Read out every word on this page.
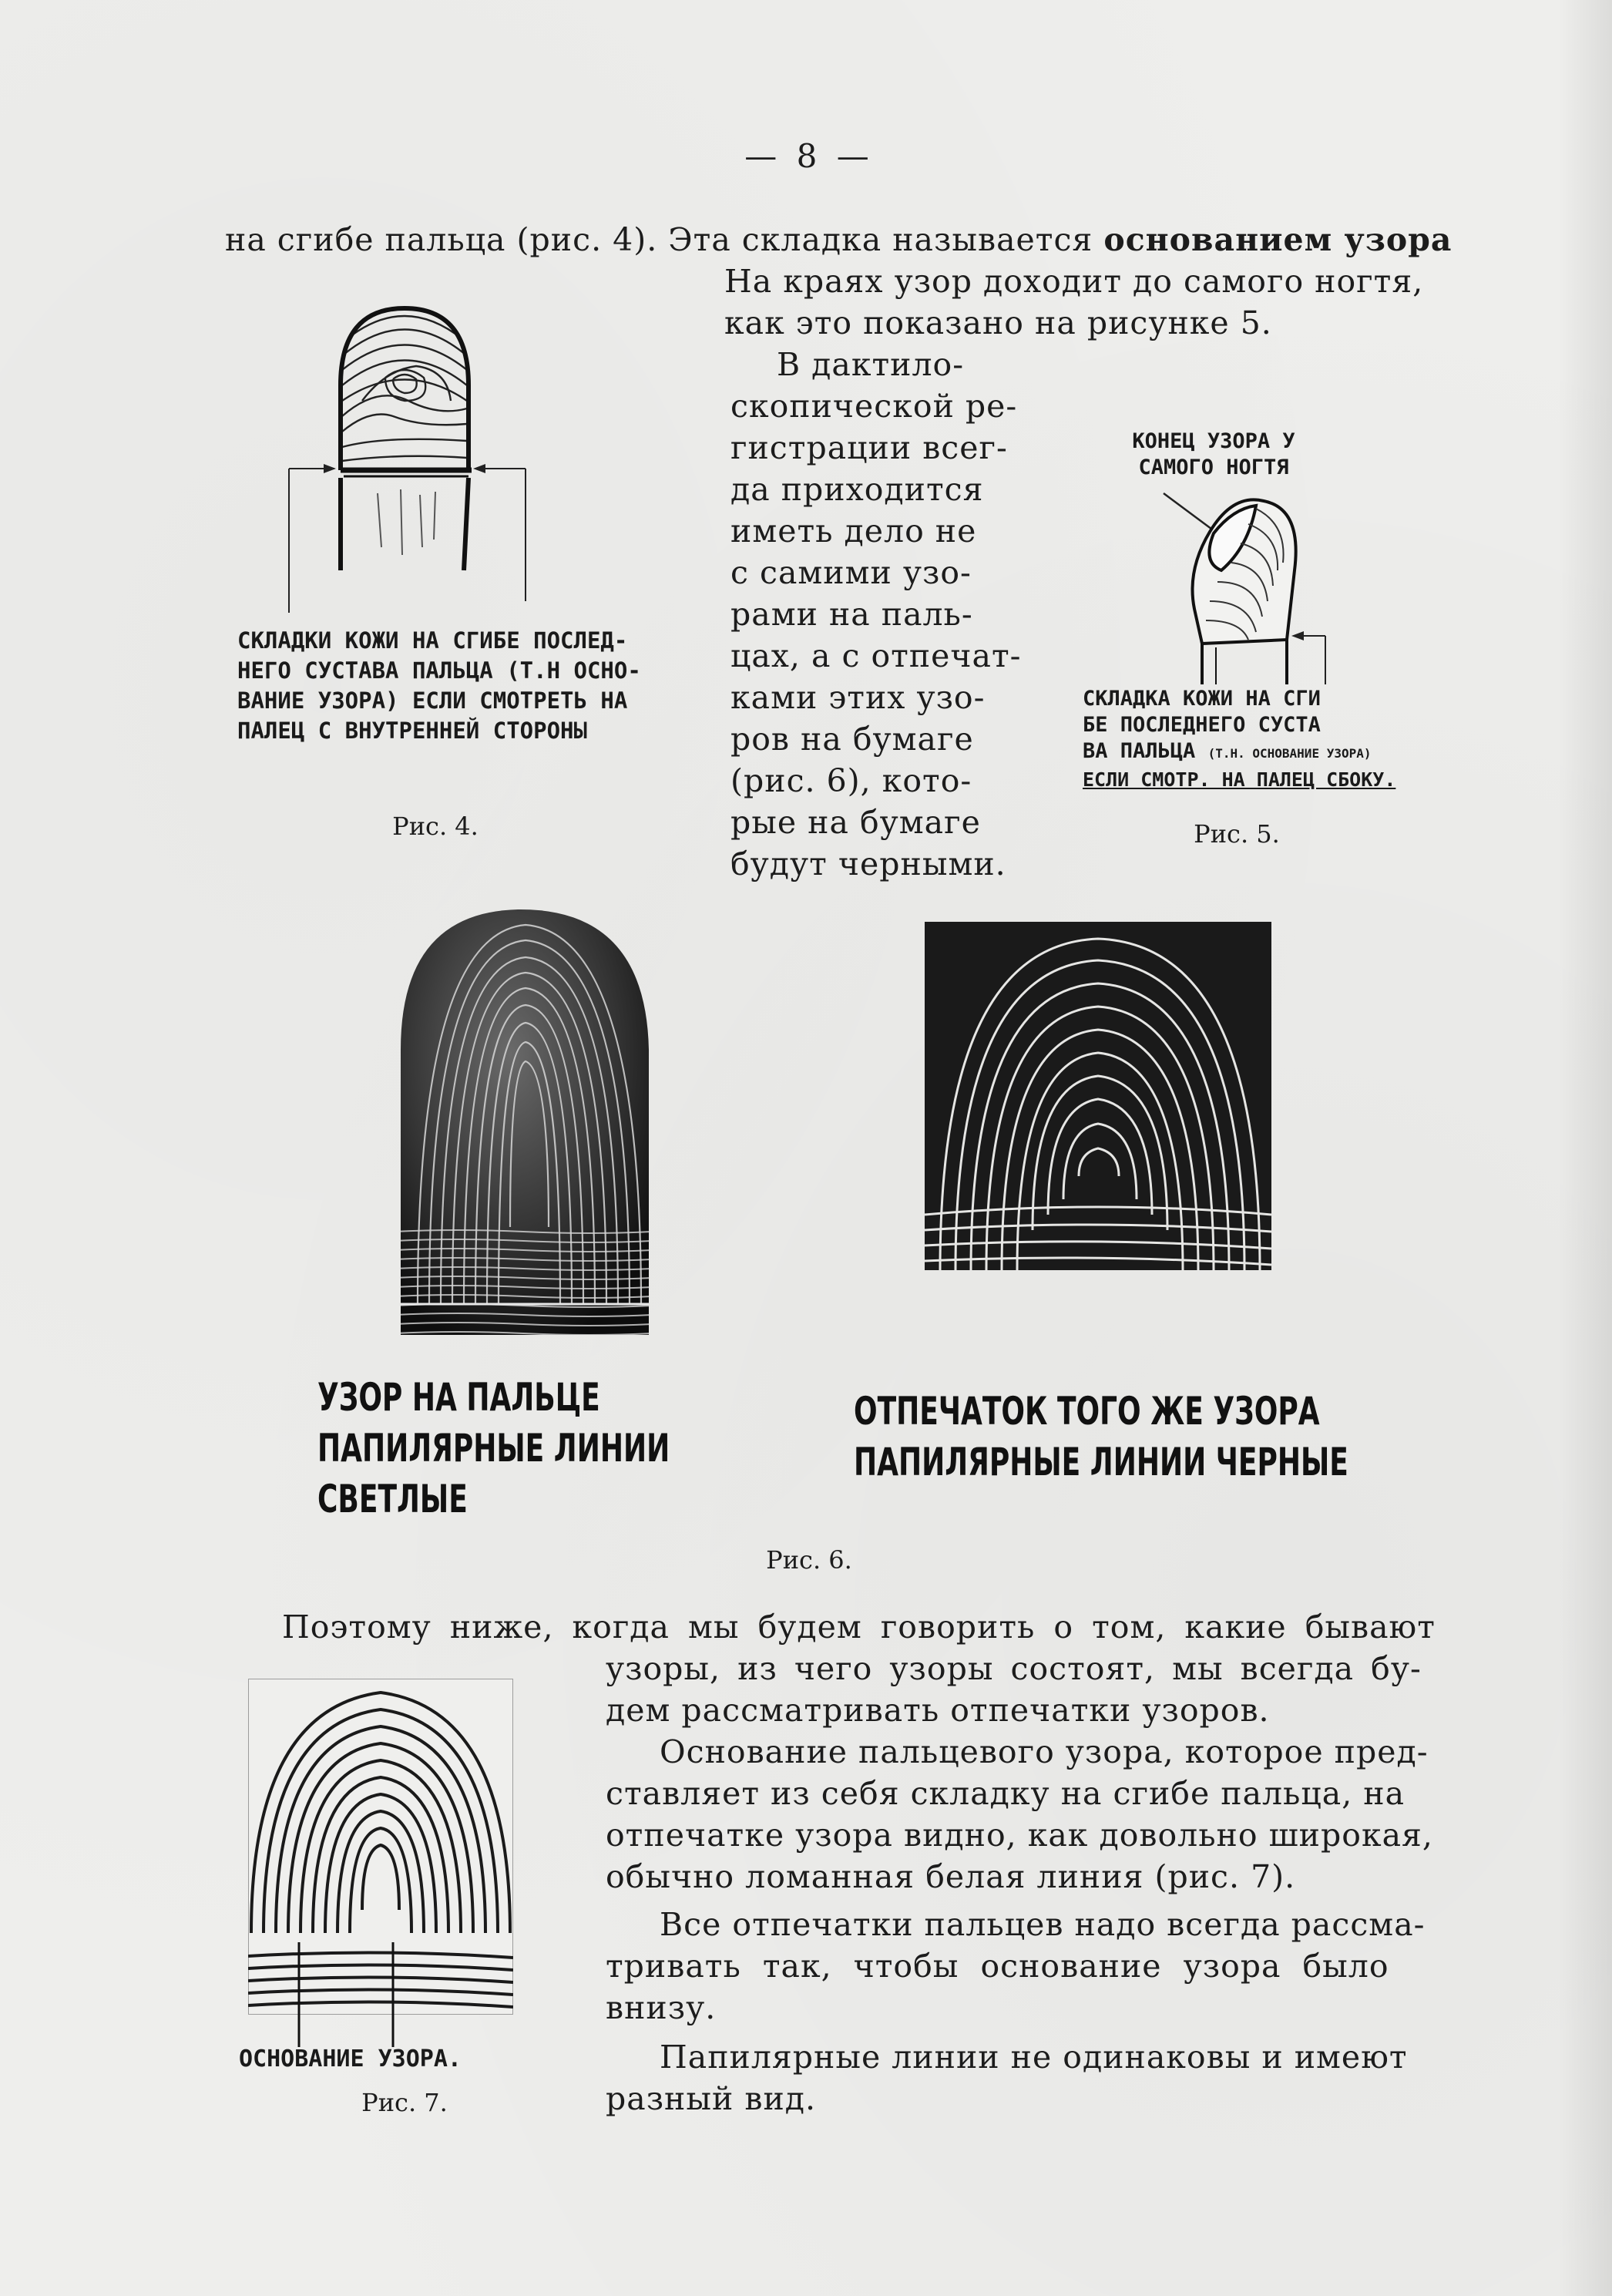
— 8 —
на сгибе пальца (рис. 4). Эта складка называется основанием узора
На краях узор доходит до самого ногтя,
как это показано на рисунке 5.
В дактило-
скопической ре-
гистрации всег-
да приходится
иметь дело не
с самими узо-
рами на паль-
цах, а с отпечат-
ками этих узо-
ров на бумаге
(рис. 6), кото-
рые на бумаге
будут черными.
СКЛАДКИ КОЖИ НА СГИБЕ ПОСЛЕД-
НЕГО СУСТАВА ПАЛЬЦА (Т.Н ОСНО-
ВАНИЕ УЗОРА) ЕСЛИ СМОТРЕТЬ НА
ПАЛЕЦ С ВНУТРЕННЕЙ СТОРОНЫ
Рис. 4.
КОНЕЦ УЗОРА У
САМОГО НОГТЯ
СКЛАДКА КОЖИ НА СГИ
БЕ ПОСЛЕДНЕГО СУСТА
ВА ПАЛЬЦА (Т.Н. ОСНОВАНИЕ УЗОРА)
ЕСЛИ СМОТР. НА ПАЛЕЦ СБОКУ.
Рис. 5.
УЗОР НА ПАЛЬЦЕ
ПАПИЛЯРНЫЕ ЛИНИИ
СВЕТЛЫЕ
ОТПЕЧАТОК ТОГО ЖЕ УЗОРА
ПАПИЛЯРНЫЕ ЛИНИИ ЧЕРНЫЕ
Рис. 6.
Поэтому ниже, когда мы будем говорить о том, какие бывают
узоры, из чего узоры состоят, мы всегда бу-
дем рассматривать отпечатки узоров.
Основание пальцевого узора, которое пред-
ставляет из себя складку на сгибе пальца, на
отпечатке узора видно, как довольно широкая,
обычно ломанная белая линия (рис. 7).
Все отпечатки пальцев надо всегда рассма-
тривать так, чтобы основание узора было
внизу.
Папилярные линии не одинаковы и имеют
разный вид.
ОСНОВАНИЕ УЗОРА.
Рис. 7.
